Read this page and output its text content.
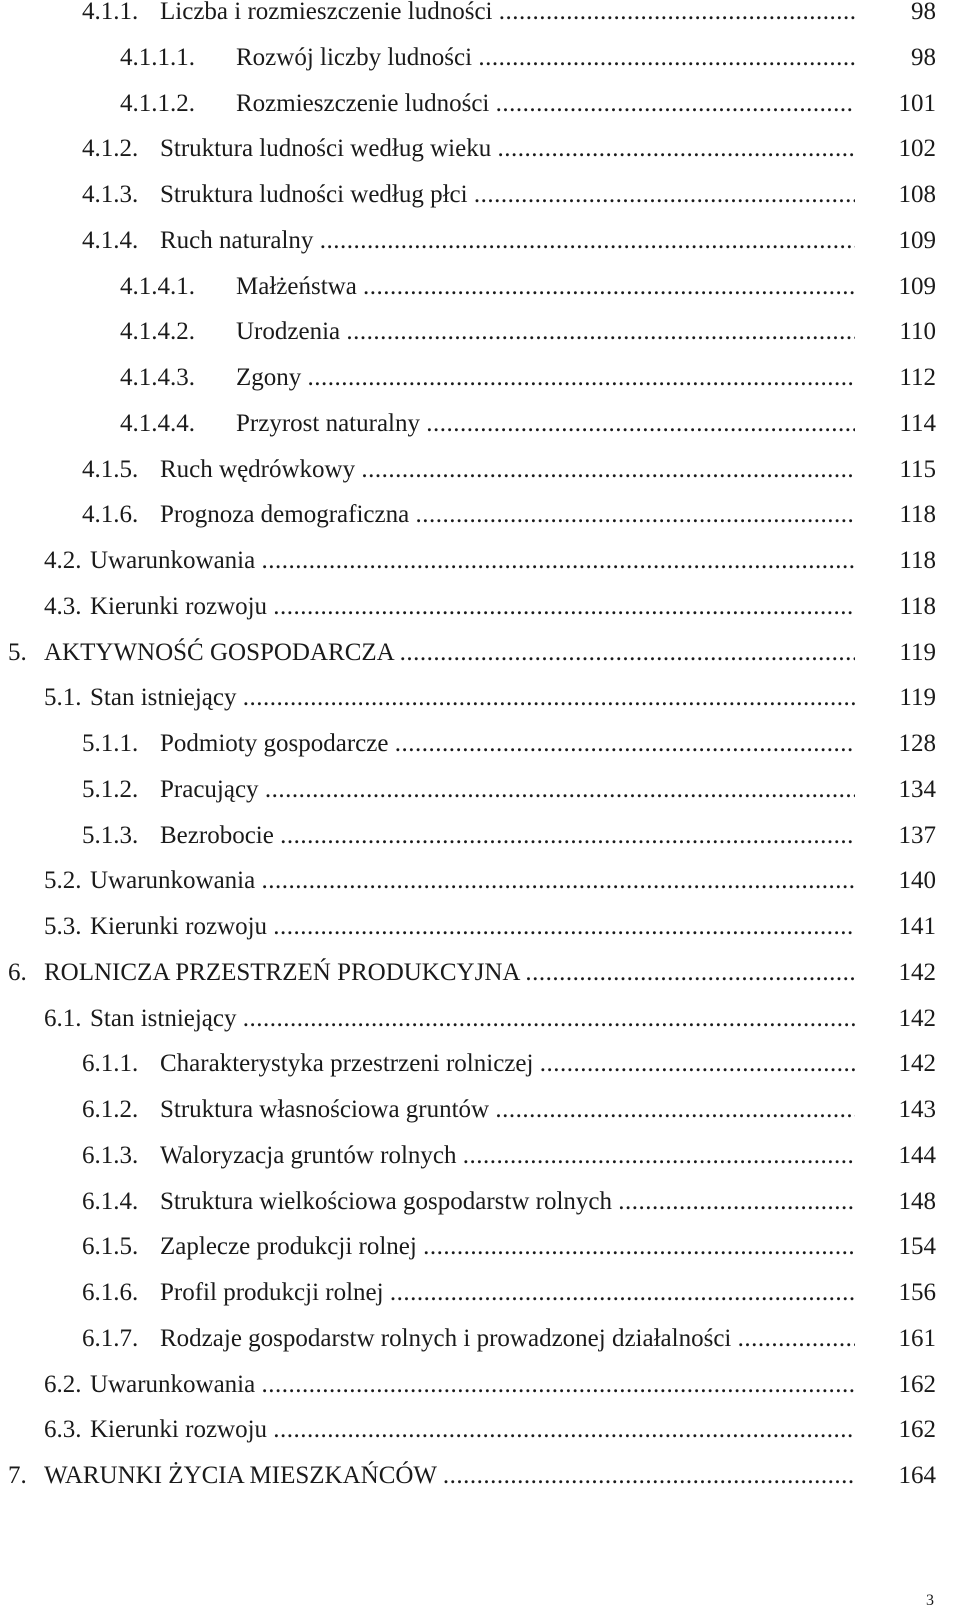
4.1.1. Liczba i rozmieszczenie ludności .....	98
4.1.1.1. Rozwój liczby ludności .....	98
4.1.1.2. Rozmieszczenie ludności .....	101
4.1.2. Struktura ludności według wieku .....	102
4.1.3. Struktura ludności według płci .....	108
4.1.4. Ruch naturalny .....	109
4.1.4.1. Małżeństwa .....	109
4.1.4.2. Urodzenia .....	110
4.1.4.3. Zgony .....	112
4.1.4.4. Przyrost naturalny .....	114
4.1.5. Ruch wędrówkowy .....	115
4.1.6. Prognoza demograficzna .....	118
4.2. Uwarunkowania .....	118
4.3. Kierunki rozwoju .....	118
5. AKTYWNOŚĆ GOSPODARCZA .....	119
5.1. Stan istniejący .....	119
5.1.1. Podmioty gospodarcze .....	128
5.1.2. Pracujący .....	134
5.1.3. Bezrobocie .....	137
5.2. Uwarunkowania .....	140
5.3. Kierunki rozwoju .....	141
6. ROLNICZA PRZESTRZEŃ PRODUKCYJNA .....	142
6.1. Stan istniejący .....	142
6.1.1. Charakterystyka przestrzeni rolniczej .....	142
6.1.2. Struktura własnościowa gruntów .....	143
6.1.3. Waloryzacja gruntów rolnych .....	144
6.1.4. Struktura wielkościowa gospodarstw rolnych .....	148
6.1.5. Zaplecze produkcji rolnej .....	154
6.1.6. Profil produkcji rolnej .....	156
6.1.7. Rodzaje gospodarstw rolnych i prowadzonej działalności .....	161
6.2. Uwarunkowania .....	162
6.3. Kierunki rozwoju .....	162
7. WARUNKI ŻYCIA MIESZKAŃCÓW .....	164
3
